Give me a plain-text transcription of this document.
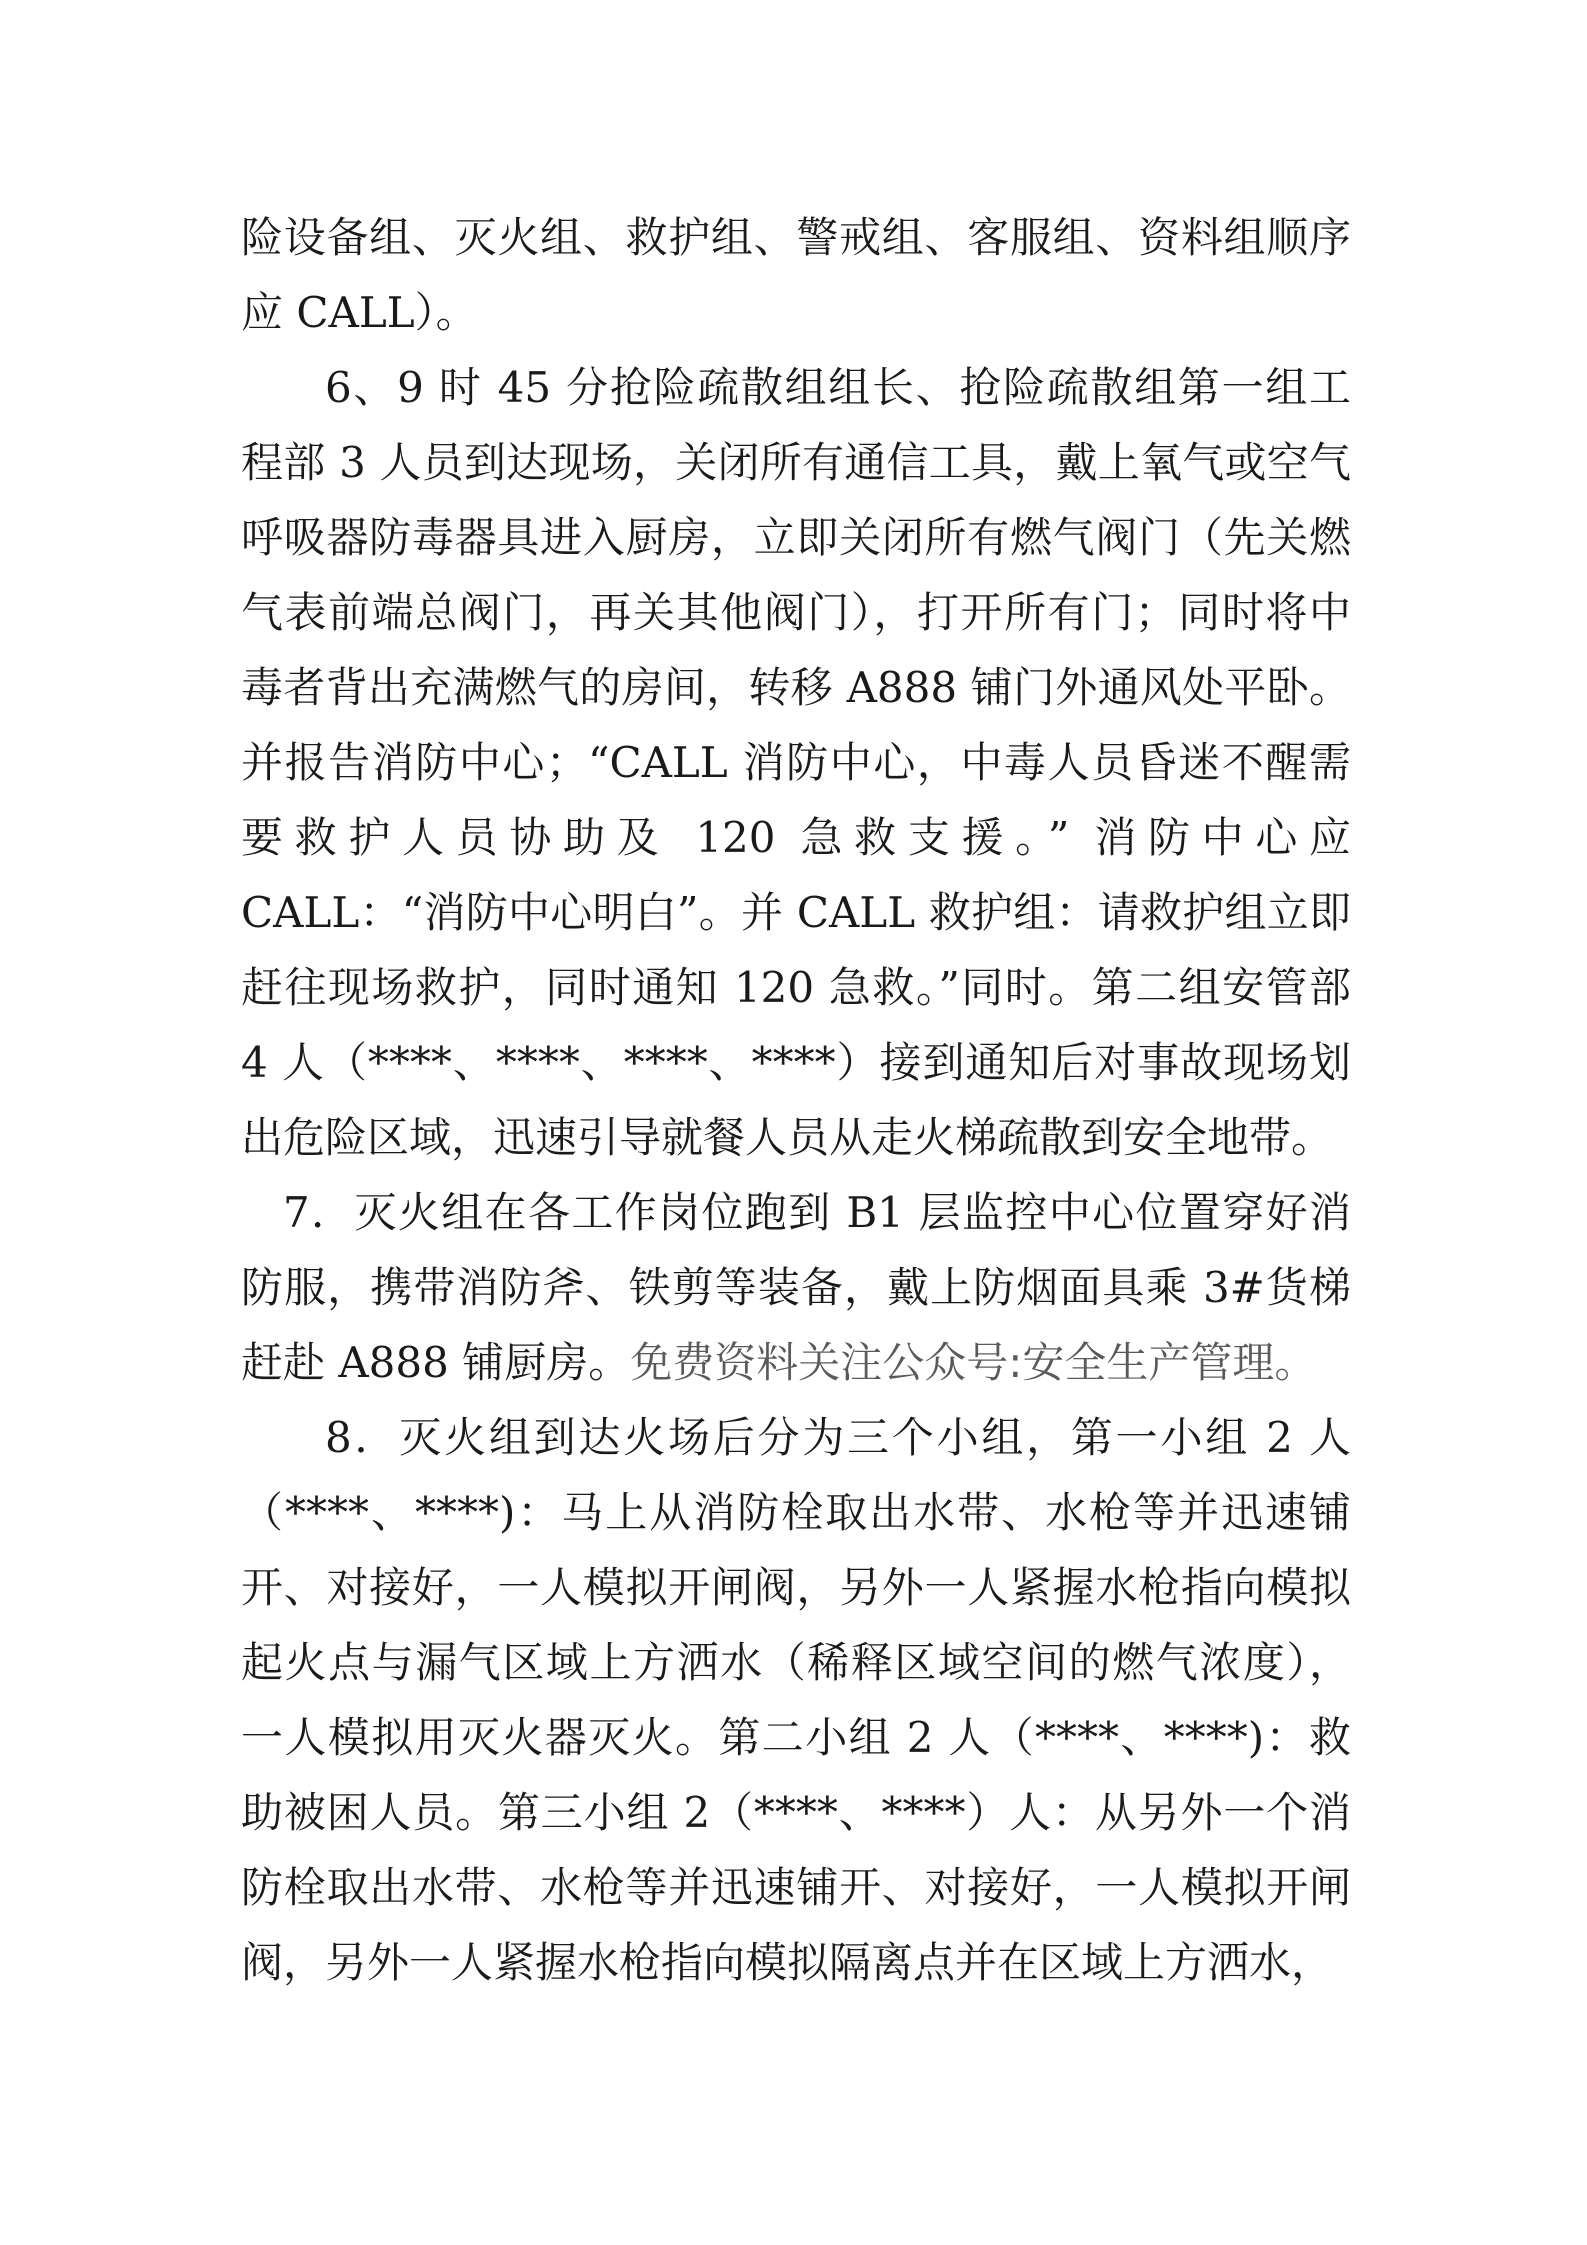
险设备组、灭火组、救护组、警戒组、客服组、资料组顺序应 CALL）。

6、9 时 45 分抢险疏散组组长、抢险疏散组第一组工程部 3 人员到达现场，关闭所有通信工具，戴上氧气或空气呼吸器防毒器具进入厨房，立即关闭所有燃气阀门（先关燃气表前端总阀门，再关其他阀门），打开所有门；同时将中毒者背出充满燃气的房间，转移 A888 铺门外通风处平卧。并报告消防中心；“CALL 消防中心，中毒人员昏迷不醒需要救护人员协助及 120 急救支援。” 消防中心应 CALL：“消防中心明白”。并 CALL 救护组：请救护组立即赶往现场救护，同时通知 120 急救。”同时。第二组安管部 4 人（****、****、****、****）接到通知后对事故现场划出危险区域，迅速引导就餐人员从走火梯疏散到安全地带。

7．灭火组在各工作岗位跑到 B1 层监控中心位置穿好消防服，携带消防斧、铁剪等装备，戴上防烟面具乘 3#货梯赶赴 A888 铺厨房。免费资料关注公众号:安全生产管理。

8．灭火组到达火场后分为三个小组，第一小组 2 人（****、****)：马上从消防栓取出水带、水枪等并迅速铺开、对接好，一人模拟开闸阀，另外一人紧握水枪指向模拟起火点与漏气区域上方洒水（稀释区域空间的燃气浓度），一人模拟用灭火器灭火。第二小组 2 人（****、****)：救助被困人员。第三小组 2（****、****）人：从另外一个消防栓取出水带、水枪等并迅速铺开、对接好，一人模拟开闸阀，另外一人紧握水枪指向模拟隔离点并在区域上方洒水，
